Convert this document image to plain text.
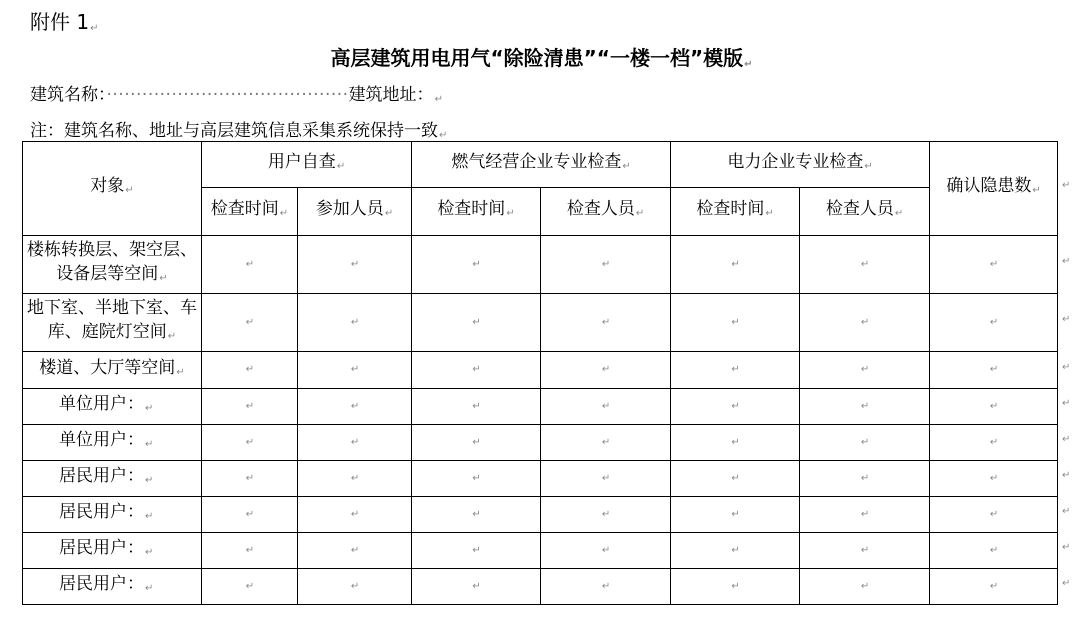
附件 1↵
高层建筑用电用气“除险清患”“一楼一档”模版↵
建筑名称：·········································建筑地址：↵
注：建筑名称、地址与高层建筑信息采集系统保持一致↵
对象↵	用户自查↵		燃气经营企业专业检查↵		电力企业专业检查↵		确认隐患数↵
	检查时间↵	参加人员↵	检查时间↵	检查人员↵	检查时间↵	检查人员↵	
楼栋转换层、架空层、设备层等空间↵	↵	↵	↵	↵	↵	↵	↵
地下室、半地下室、车库、庭院灯空间↵	↵	↵	↵	↵	↵	↵	↵
楼道、大厅等空间↵	↵	↵	↵	↵	↵	↵	↵
单位用户：↵	↵	↵	↵	↵	↵	↵	↵
单位用户：↵	↵	↵	↵	↵	↵	↵	↵
居民用户：↵	↵	↵	↵	↵	↵	↵	↵
居民用户：↵	↵	↵	↵	↵	↵	↵	↵
居民用户：↵	↵	↵	↵	↵	↵	↵	↵
居民用户：↵	↵	↵	↵	↵	↵	↵	↵
↵
↵
↵
↵
↵
↵
↵
↵
↵
↵
